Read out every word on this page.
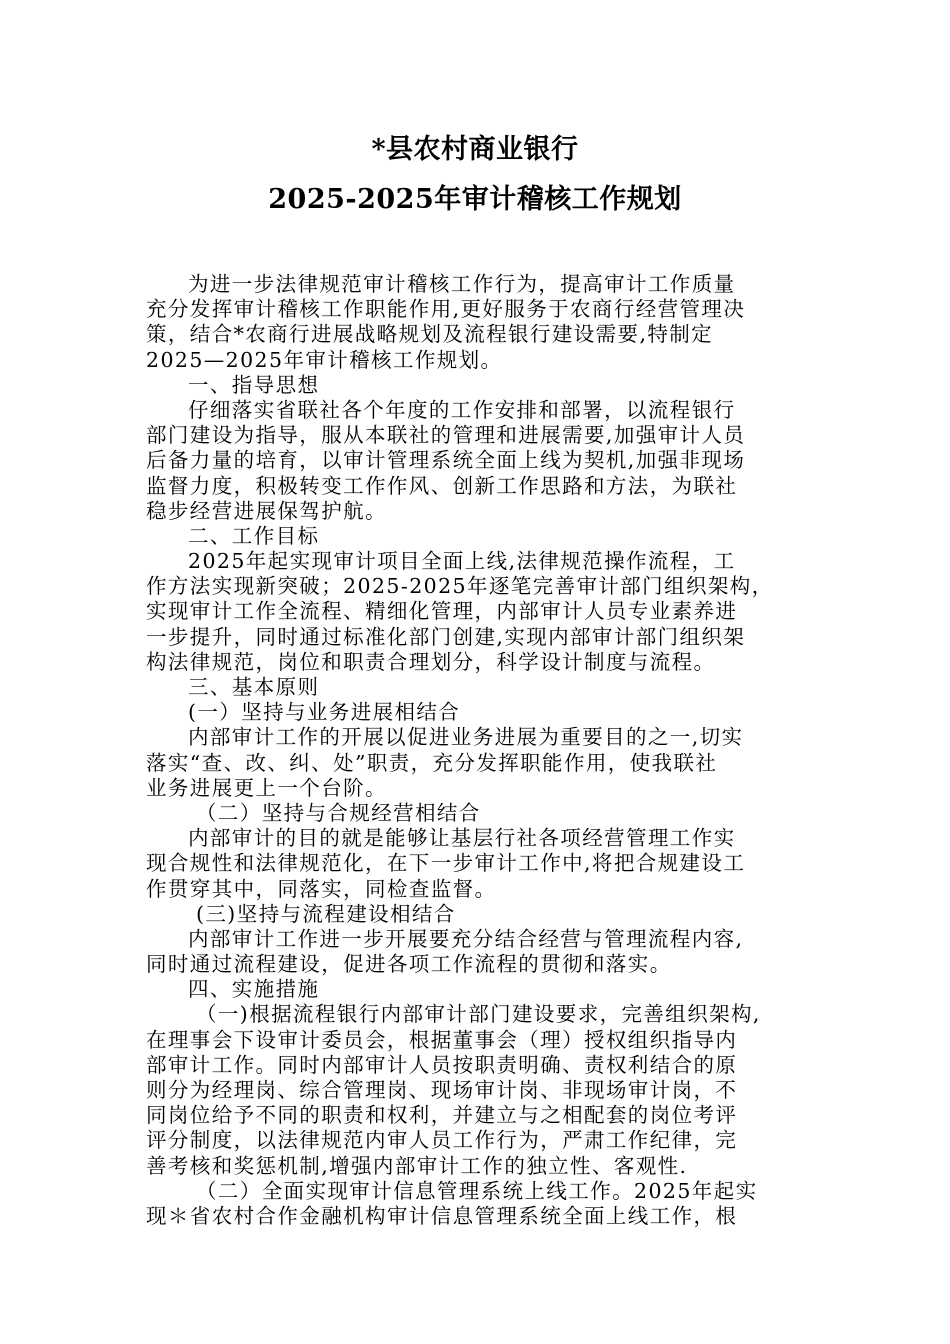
*县农村商业银行
2025-2025年审计稽核工作规划
为进一步法律规范审计稽核工作行为，提高审计工作质量
充分发挥审计稽核工作职能作用,更好服务于农商行经营管理决
策，结合*农商行进展战略规划及流程银行建设需要,特制定
2025—2025年审计稽核工作规划。
一、指导思想
仔细落实省联社各个年度的工作安排和部署，以流程银行
部门建设为指导，服从本联社的管理和进展需要,加强审计人员
后备力量的培育，以审计管理系统全面上线为契机,加强非现场
监督力度，积极转变工作作风、创新工作思路和方法，为联社
稳步经营进展保驾护航。
二、工作目标
2025年起实现审计项目全面上线,法律规范操作流程，工
作方法实现新突破；2025-2025年逐笔完善审计部门组织架构，
实现审计工作全流程、精细化管理，内部审计人员专业素养进
一步提升，同时通过标准化部门创建,实现内部审计部门组织架
构法律规范，岗位和职责合理划分，科学设计制度与流程。
三、基本原则
(一）坚持与业务进展相结合
内部审计工作的开展以促进业务进展为重要目的之一,切实
落实“查、改、纠、处”职责，充分发挥职能作用，使我联社
业务进展更上一个台阶。
（二）坚持与合规经营相结合
内部审计的目的就是能够让基层行社各项经营管理工作实
现合规性和法律规范化，在下一步审计工作中,将把合规建设工
作贯穿其中，同落实，同检查监督。
(三)坚持与流程建设相结合
内部审计工作进一步开展要充分结合经营与管理流程内容,
同时通过流程建设，促进各项工作流程的贯彻和落实。
四、实施措施
（一)根据流程银行内部审计部门建设要求，完善组织架构,
在理事会下设审计委员会，根据董事会（理）授权组织指导内
部审计工作。同时内部审计人员按职责明确、责权利结合的原
则分为经理岗、综合管理岗、现场审计岗、非现场审计岗，不
同岗位给予不同的职责和权利，并建立与之相配套的岗位考评
评分制度，以法律规范内审人员工作行为，严肃工作纪律，完
善考核和奖惩机制,增强内部审计工作的独立性、客观性.
（二）全面实现审计信息管理系统上线工作。2025年起实
现＊省农村合作金融机构审计信息管理系统全面上线工作，根
